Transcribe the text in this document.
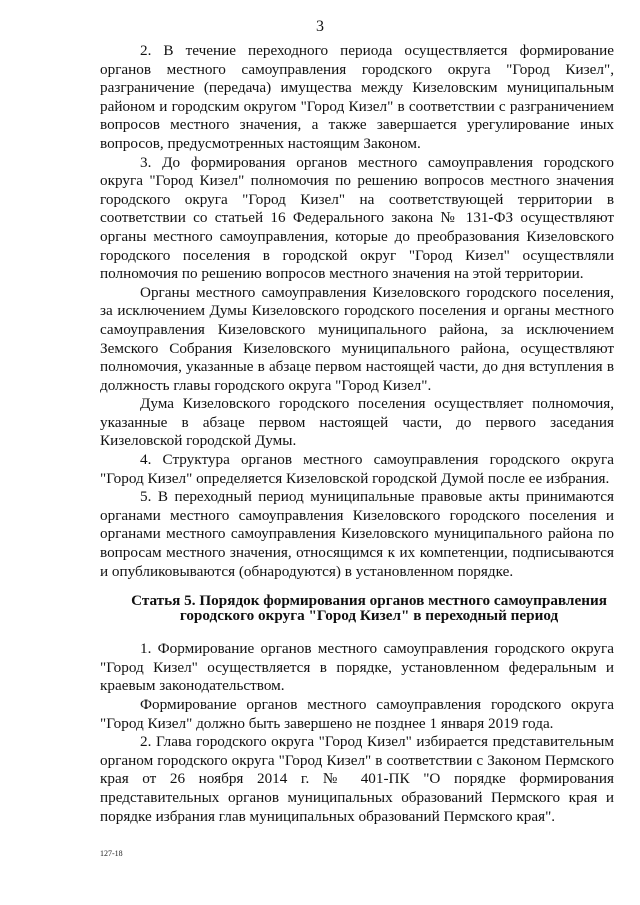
3

2. В течение переходного периода осуществляется формирование органов местного самоуправления городского округа "Город Кизел", разграничение (передача) имущества между Кизеловским муниципальным районом и городским округом "Город Кизел" в соответствии с разграничением вопросов местного значения, а также завершается урегулирование иных вопросов, предусмотренных настоящим Законом.

3. До формирования органов местного самоуправления городского округа "Город Кизел" полномочия по решению вопросов местного значения городского округа "Город Кизел" на соответствующей территории в соответствии со статьей 16 Федерального закона № 131-ФЗ осуществляют органы местного самоуправления, которые до преобразования Кизеловского городского поселения в городской округ "Город Кизел" осуществляли полномочия по решению вопросов местного значения на этой территории.

Органы местного самоуправления Кизеловского городского поселения, за исключением Думы Кизеловского городского поселения и органы местного самоуправления Кизеловского муниципального района, за исключением Земского Собрания Кизеловского муниципального района, осуществляют полномочия, указанные в абзаце первом настоящей части, до дня вступления в должность главы городского округа "Город Кизел".

Дума Кизеловского городского поселения осуществляет полномочия, указанные в абзаце первом настоящей части, до первого заседания Кизеловской городской Думы.

4. Структура органов местного самоуправления городского округа "Город Кизел" определяется Кизеловской городской Думой после ее избрания.

5. В переходный период муниципальные правовые акты принимаются органами местного самоуправления Кизеловского городского поселения и органами местного самоуправления Кизеловского муниципального района по вопросам местного значения, относящимся к их компетенции, подписываются и опубликовываются (обнародуются) в установленном порядке.

Статья 5. Порядок формирования органов местного самоуправления городского округа "Город Кизел" в переходный период

1. Формирование органов местного самоуправления городского округа "Город Кизел" осуществляется в порядке, установленном федеральным и краевым законодательством.

Формирование органов местного самоуправления городского округа "Город Кизел" должно быть завершено не позднее 1 января 2019 года.

2. Глава городского округа "Город Кизел" избирается представительным органом городского округа "Город Кизел" в соответствии с Законом Пермского края от 26 ноября 2014 г. № 401-ПК "О порядке формирования представительных органов муниципальных образований Пермского края и порядке избрания глав муниципальных образований Пермского края".

127-18
